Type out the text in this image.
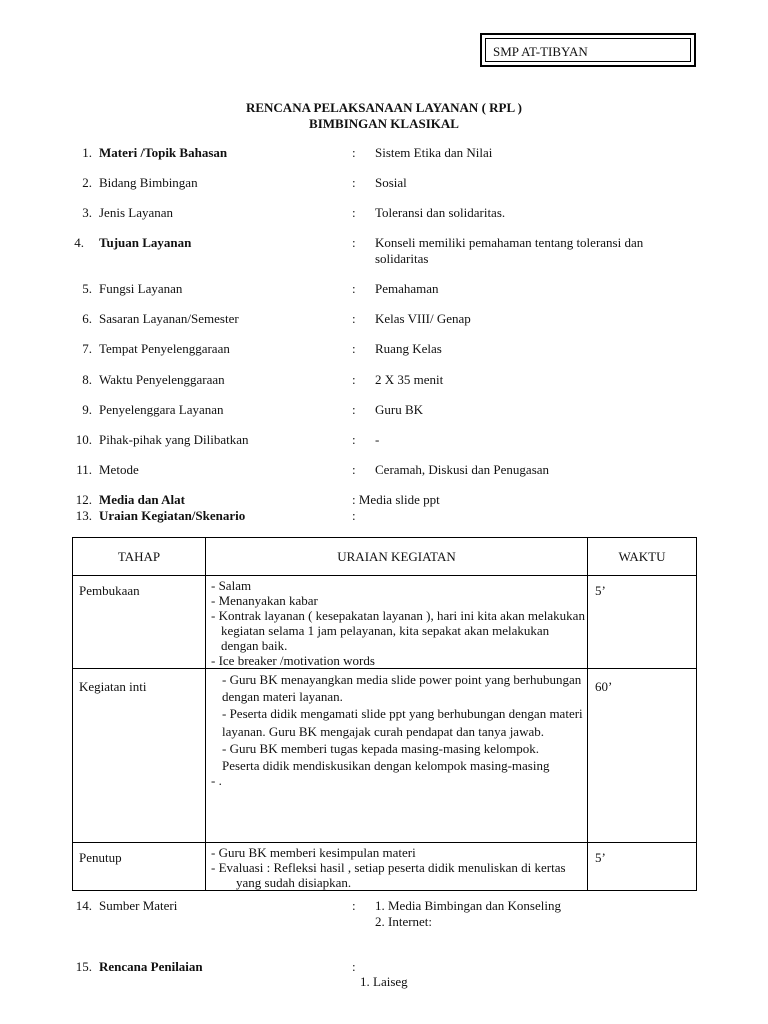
SMP AT-TIBYAN
RENCANA PELAKSANAAN LAYANAN ( RPL )
BIMBINGAN KLASIKAL
1. Materi /Topik Bahasan	: Sistem Etika dan Nilai
2. Bidang Bimbingan	: Sosial
3. Jenis Layanan	: Toleransi dan solidaritas.
4. Tujuan Layanan	: Konseli memiliki pemahaman tentang toleransi dan solidaritas
5. Fungsi Layanan	: Pemahaman
6. Sasaran Layanan/Semester	: Kelas VIII/ Genap
7. Tempat Penyelenggaraan	: Ruang Kelas
8. Waktu Penyelenggaraan	: 2 X 35 menit
9. Penyelenggara Layanan	: Guru BK
10. Pihak-pihak yang Dilibatkan	: -
11. Metode	: Ceramah, Diskusi dan Penugasan
12. Media dan Alat	: Media slide ppt
13. Uraian Kegiatan/Skenario	:
TAHAP	URAIAN KEGIATAN	WAKTU
Pembukaan	- Salam
- Menanyakan kabar
- Kontrak layanan ( kesepakatan layanan ), hari ini kita akan melakukan kegiatan selama 1 jam pelayanan, kita sepakat akan melakukan dengan baik.
- Ice breaker /motivation words	5’
Kegiatan inti	- Guru BK menayangkan media slide power point yang berhubungan dengan materi layanan.
- Peserta didik mengamati slide ppt yang berhubungan dengan materi layanan. Guru BK mengajak curah pendapat dan tanya jawab.
- Guru BK memberi tugas kepada masing-masing kelompok.
Peserta didik mendiskusikan dengan kelompok masing-masing
- .	60’
Penutup	- Guru BK memberi kesimpulan materi
- Evaluasi : Refleksi hasil , setiap peserta didik menuliskan di kertas yang sudah disiapkan.	5’
14. Sumber Materi	: 1. Media Bimbingan dan Konseling
2. Internet:
15. Rencana Penilaian	:
1. Laiseg
